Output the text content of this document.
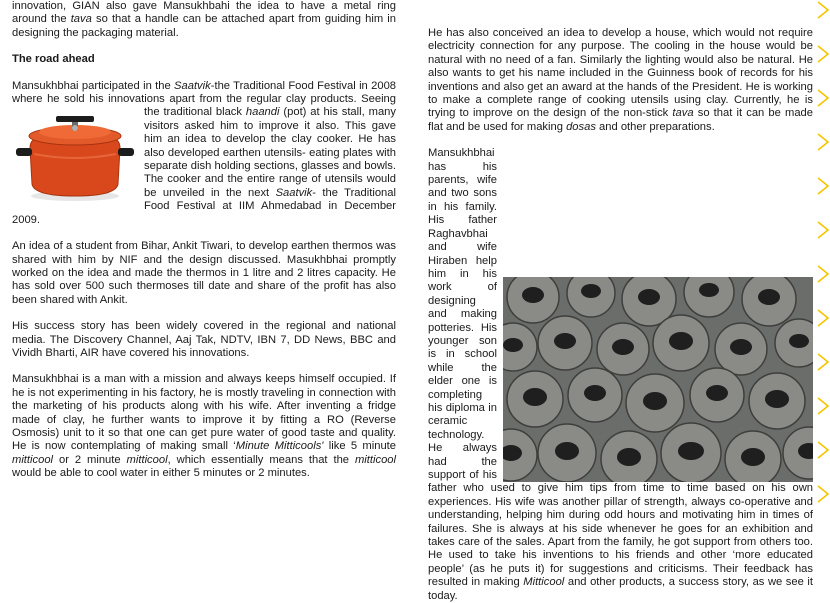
innovation, GIAN also gave Mansukhbahi the idea to have a metal ring around the tava so that a handle can be attached apart from guiding him in designing the packaging material.

The road ahead

Mansukhbhai participated in the Saatvik-the Traditional Food Festival in 2008 where he sold his innovations apart from the regular clay products. Seeing the traditional black
haandi (pot) at his stall, many visitors asked him to improve it also. This gave him an idea to develop the clay cooker. He has also developed earthen utensils- eating plates with separate dish holding sections, glasses and bowls. The cooker and the entire range of utensils would be unveiled in the next Saatvik- the Traditional Food Festival at IIM Ahmedabad in December 2009.

An idea of a student from Bihar, Ankit Tiwari, to develop earthen thermos was shared with him by NIF and the design discussed. Masukhbhai promptly worked on the idea and made the thermos in 1 litre and 2 litres capacity. He has sold over 500 such thermoses till date and share of the profit has also been shared with Ankit.

His success story has been widely covered in the regional and national media. The Discovery Channel, Aaj Tak, NDTV, IBN 7, DD News, BBC and Vividh Bharti, AIR have covered his innovations.

Mansukhbhai is a man with a mission and always keeps himself occupied. If he is not experimenting in his factory, he is mostly traveling in connection with the marketing of his products along with his wife. After inventing a fridge made of clay, he further wants to improve it by fitting a RO (Reverse Osmosis) unit to it so that one can get pure water of good taste and quality. He is now contemplating of making small ‘Minute Mitticools' like 5 minute mitticool or 2 minute mitticool, which essentially means that the mitticool would be able to cool water in either 5 minutes or 2 minutes.

He has also conceived an idea to develop a house, which would not require electricity connection for any purpose. The cooling in the house would be natural with no need of a fan. Similarly the lighting would also be natural. He also wants to get his name included in the Guinness book of records for his inventions and also get an award at the hands of the President. He is working to make a complete range of cooking utensils using clay. Currently, he is trying to improve on the design of the non-stick tava so that it can be made flat and be used for making dosas and other preparations.

Mansukhbhai has his parents, wife and two sons in his family. His father Raghavbhai and wife Hiraben help him in his work of designing and making potteries. His younger son is in school while the elder one is completing his diploma in ceramic technology. He always had the support of his father who used to give him tips from time to time based on his own experiences. His wife was another pillar of strength, always co-operative and understanding, helping him during odd hours and motivating him in times of failures. She is always at his side whenever he goes for an exhibition and takes care of the sales. Apart from the family, he got support from others too. He used to take his inventions to his friends and other ‘more educated people’ (as he puts it) for suggestions and criticisms. Their feedback has resulted in making Mitticool and other products, a success story, as we see it today.
